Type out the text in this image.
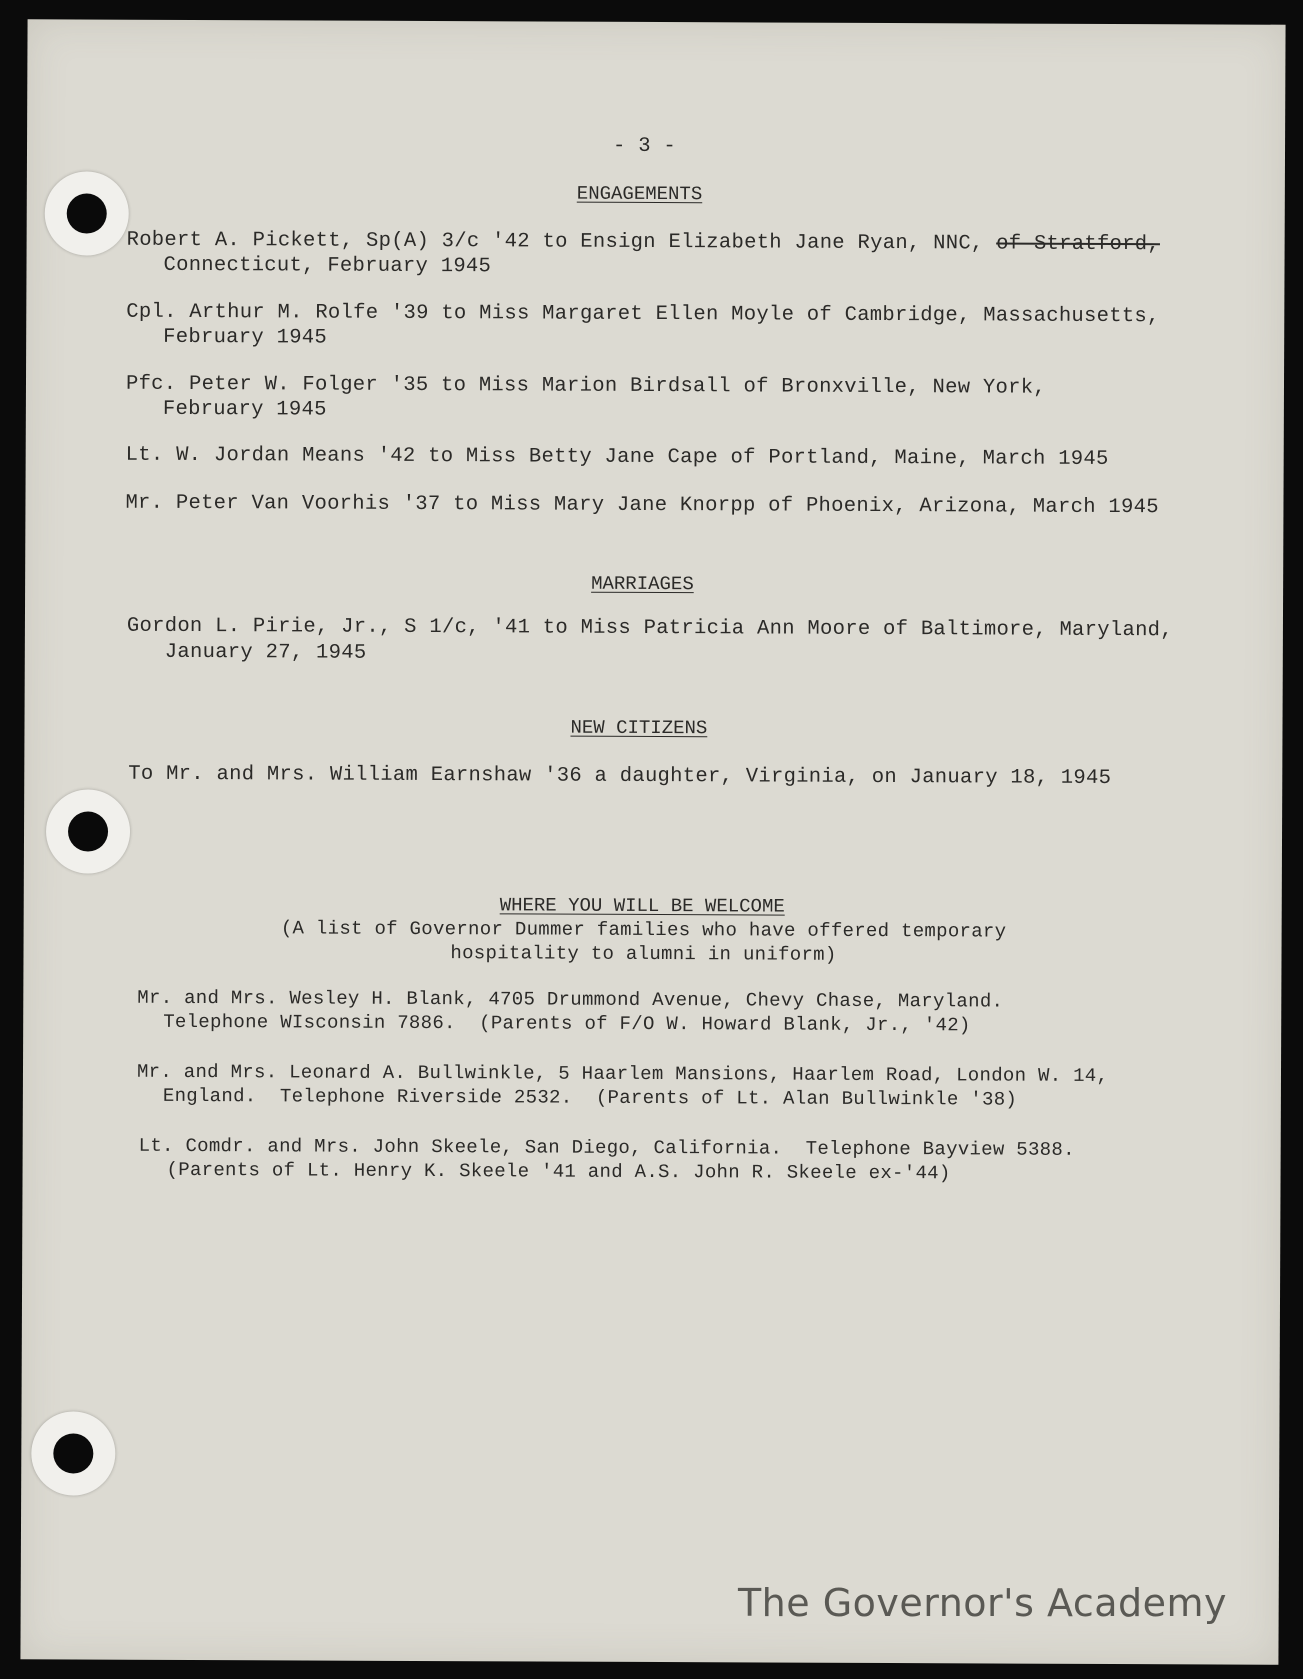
- 3 -
ENGAGEMENTS
Robert A. Pickett, Sp(A) 3/c '42 to Ensign Elizabeth Jane Ryan, NNC, of Stratford,
Connecticut, February 1945
Cpl. Arthur M. Rolfe '39 to Miss Margaret Ellen Moyle of Cambridge, Massachusetts,
February 1945
Pfc. Peter W. Folger '35 to Miss Marion Birdsall of Bronxville, New York,
February 1945
Lt. W. Jordan Means '42 to Miss Betty Jane Cape of Portland, Maine, March 1945
Mr. Peter Van Voorhis '37 to Miss Mary Jane Knorpp of Phoenix, Arizona, March 1945
MARRIAGES
Gordon L. Pirie, Jr., S 1/c, '41 to Miss Patricia Ann Moore of Baltimore, Maryland,
January 27, 1945
NEW CITIZENS
To Mr. and Mrs. William Earnshaw '36 a daughter, Virginia, on January 18, 1945
WHERE YOU WILL BE WELCOME
(A list of Governor Dummer families who have offered temporary
hospitality to alumni in uniform)
Mr. and Mrs. Wesley H. Blank, 4705 Drummond Avenue, Chevy Chase, Maryland.
Telephone WIsconsin 7886.  (Parents of F/O W. Howard Blank, Jr., '42)
Mr. and Mrs. Leonard A. Bullwinkle, 5 Haarlem Mansions, Haarlem Road, London W. 14,
England.  Telephone Riverside 2532.  (Parents of Lt. Alan Bullwinkle '38)
Lt. Comdr. and Mrs. John Skeele, San Diego, California.  Telephone Bayview 5388.
(Parents of Lt. Henry K. Skeele '41 and A.S. John R. Skeele ex-'44)
The Governor's Academy
